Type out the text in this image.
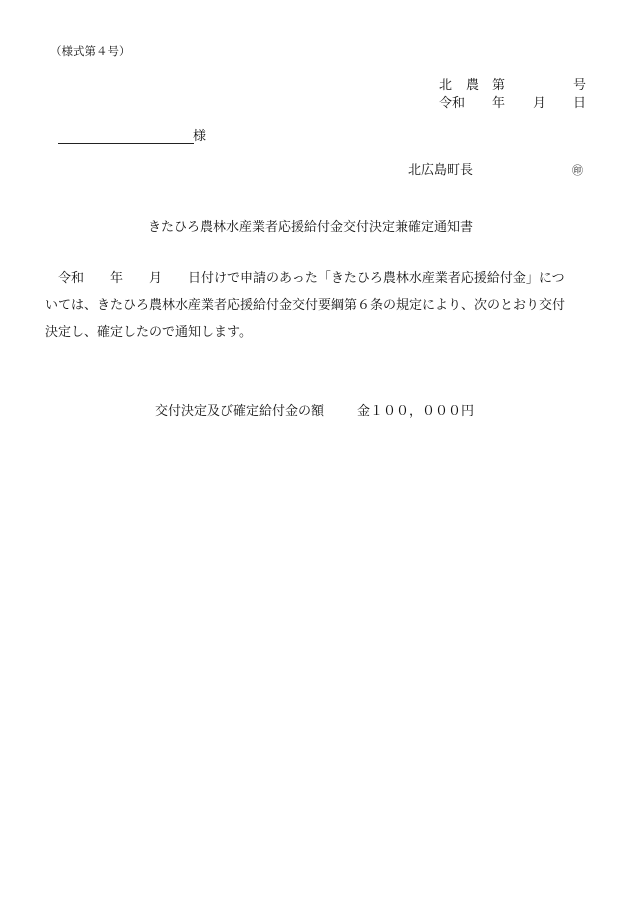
（様式第４号）

北

農

第

	号

令和

年

月

日

様
北広島町長	㊞
きたひろ農林水産業者応援給付金交付決定兼確定通知書
　令和　　年　　月　　日付けで申請のあった「きたひろ農林水産業者応援給付金」につ
いては、きたひろ農林水産業者応援給付金交付要綱第６条の規定により、次のとおり交付
決定し、確定したので通知します。
交付決定及び確定給付金の額	金１００，０００円
